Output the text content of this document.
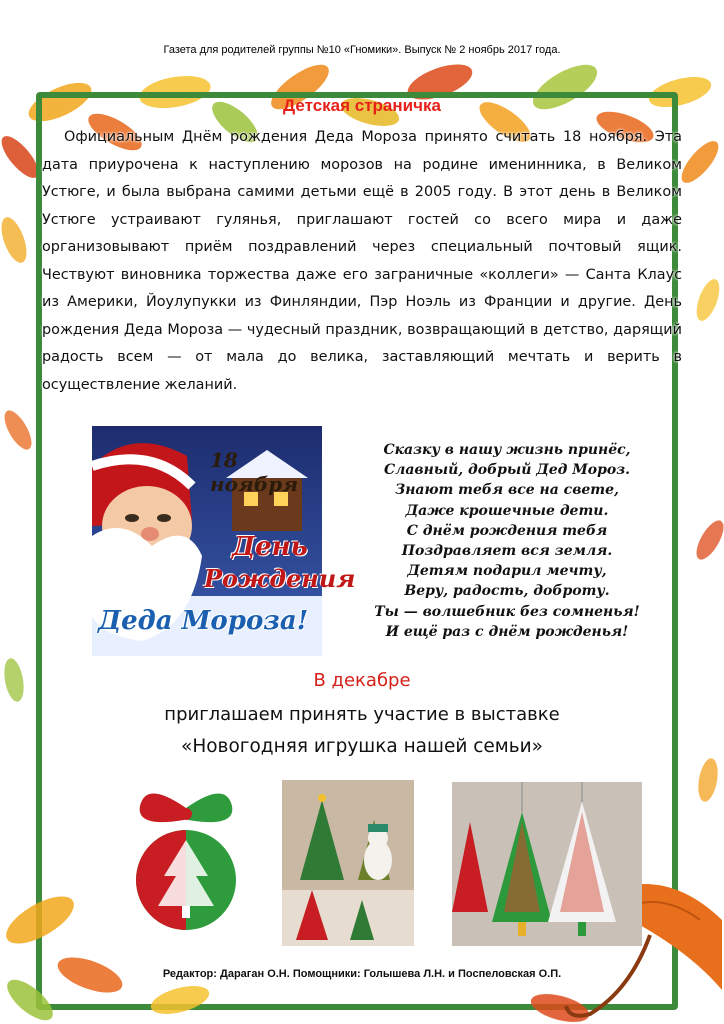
Газета для родителей группы №10 «Гномики». Выпуск № 2 ноябрь 2017 года.
Детская страничка
Официальным Днём рождения Деда Мороза принято считать 18 ноября. Эта дата приурочена к наступлению морозов на родине именинника, в Великом Устюге, и была выбрана самими детьми ещё в 2005 году. В этот день в Великом Устюге устраивают гулянья, приглашают гостей со всего мира и даже организовывают приём поздравлений через специальный почтовый ящик. Чествуют виновника торжества даже его заграничные «коллеги» — Санта Клаус из Америки, Йоулупукки из Финляндии, Пэр Ноэль из Франции и другие. День рождения Деда Мороза — чудесный праздник, возвращающий в детство, дарящий радость всем — от мала до велика, заставляющий мечтать и верить в осуществление желаний.
18 ноября
День
Рождения
Деда Мороза!
Сказку в нашу жизнь принёс,
Славный, добрый Дед Мороз.
Знают тебя все на свете,
Даже крошечные дети.
С днём рождения тебя
Поздравляет вся земля.
Детям подарил мечту,
Веру, радость, доброту.
Ты — волшебник без сомненья!
И ещё раз с днём рожденья!
В декабре
приглашаем принять участие в выставке
«Новогодняя игрушка нашей семьи»
Редактор: Дараган О.Н. Помощники: Голышева Л.Н. и Поспеловская О.П.
